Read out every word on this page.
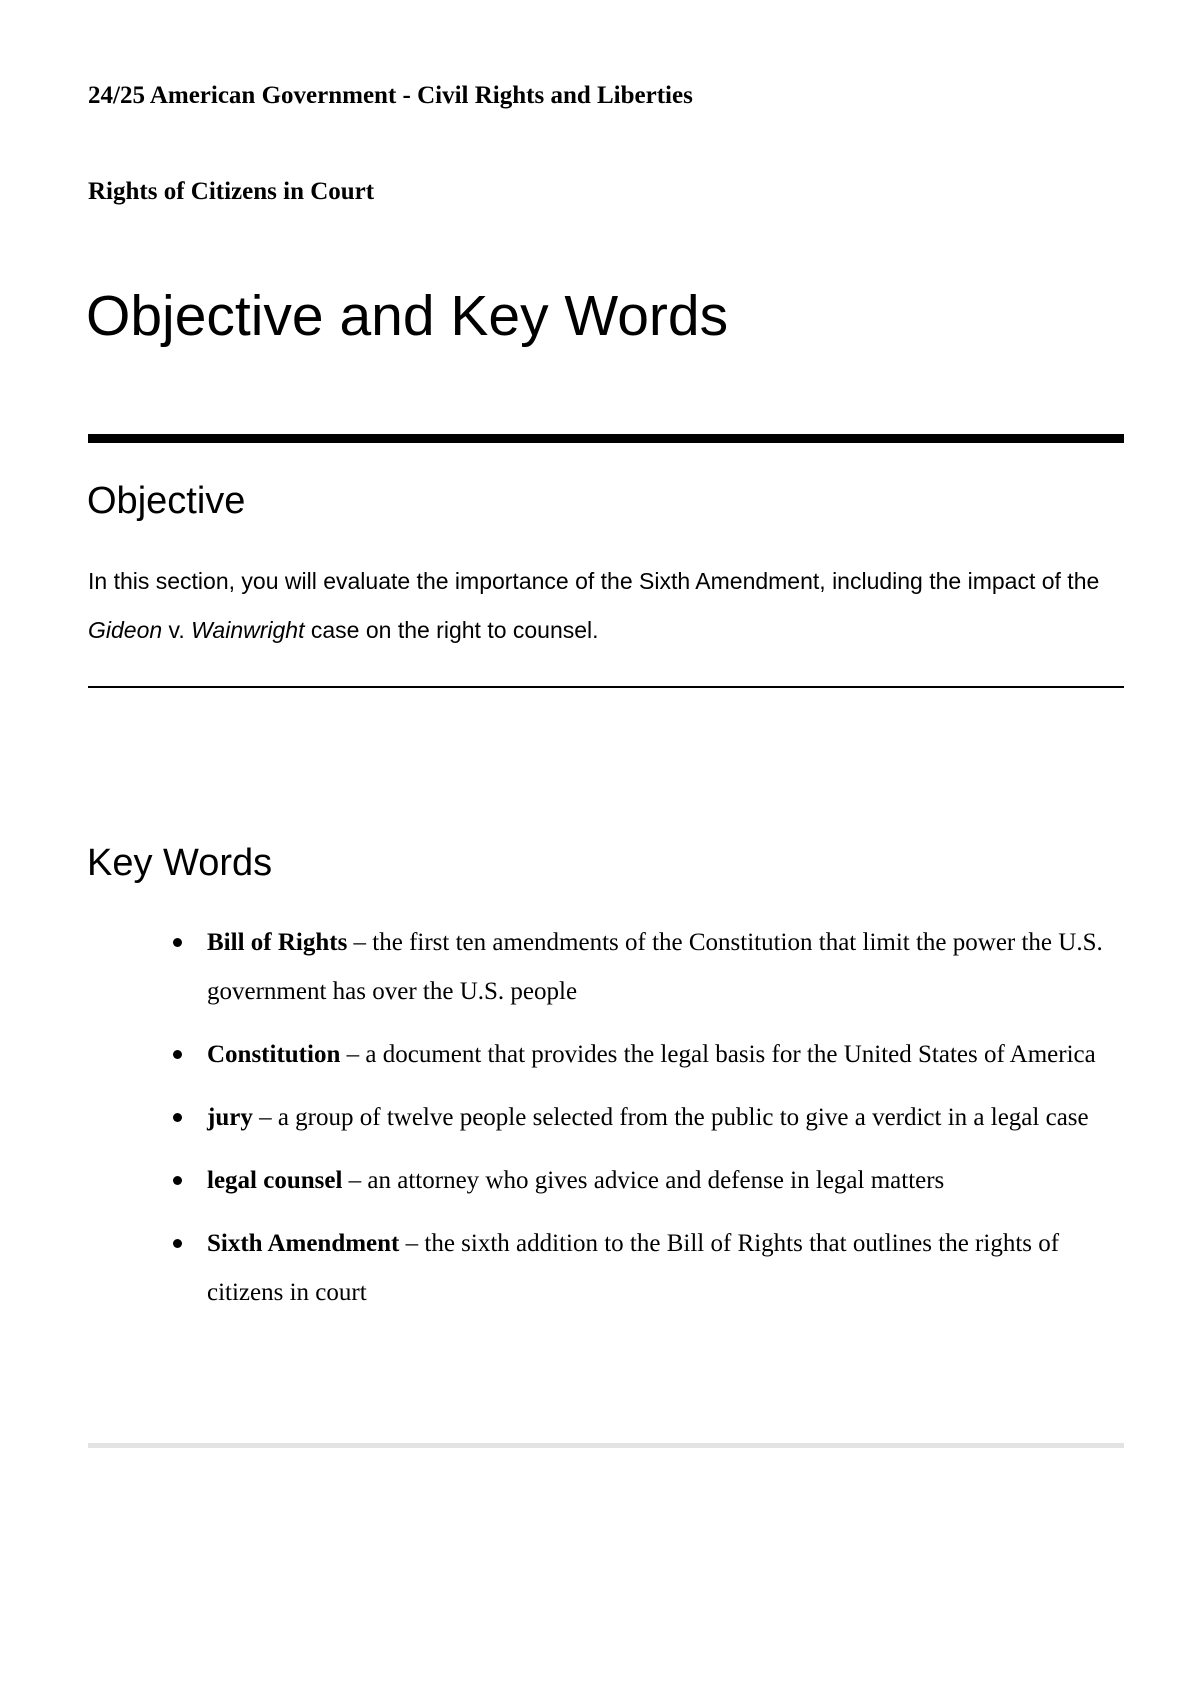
24/25 American Government - Civil Rights and Liberties
Rights of Citizens in Court
Objective and Key Words
Objective

In this section, you will evaluate the importance of the Sixth Amendment, including the impact of the Gideon v. Wainwright case on the right to counsel.

Key Words
Bill of Rights – the first ten amendments of the Constitution that limit the power the U.S. government has over the U.S. people
Constitution – a document that provides the legal basis for the United States of America
jury – a group of twelve people selected from the public to give a verdict in a legal case
legal counsel – an attorney who gives advice and defense in legal matters
Sixth Amendment – the sixth addition to the Bill of Rights that outlines the rights of citizens in court
